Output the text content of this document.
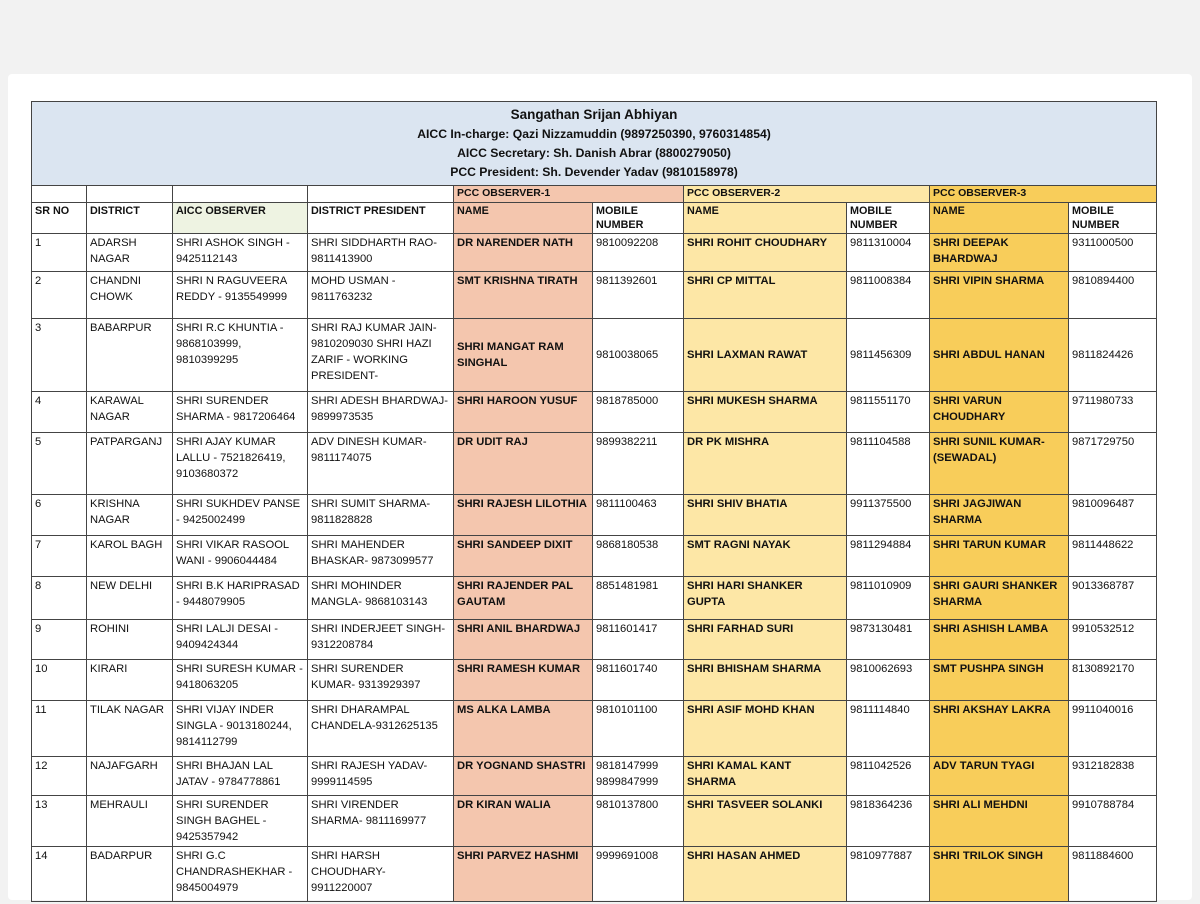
Sangathan Srijan Abhiyan
AICC In-charge: Qazi Nizzamuddin (9897250390, 9760314854)
AICC Secretary: Sh. Danish Abrar (8800279050)
PCC President: Sh. Devender Yadav (9810158978)									

				PCC OBSERVER-1		PCC OBSERVER-2		PCC OBSERVER-3	
SR NO	DISTRICT	AICC OBSERVER	DISTRICT PRESIDENT	NAME	MOBILE NUMBER	NAME	MOBILE NUMBER	NAME	MOBILE NUMBER
1	ADARSH NAGAR	SHRI ASHOK SINGH - 9425112143	SHRI SIDDHARTH RAO- 9811413900	DR NARENDER NATH	9810092208	SHRI ROHIT CHOUDHARY	9811310004	SHRI DEEPAK BHARDWAJ	9311000500
2	CHANDNI CHOWK	SHRI N RAGUVEERA REDDY - 9135549999	MOHD USMAN - 9811763232	SMT KRISHNA TIRATH	9811392601	SHRI CP MITTAL	9811008384	SHRI VIPIN SHARMA	9810894400
3	BABARPUR	SHRI R.C KHUNTIA - 9868103999, 9810399295	SHRI RAJ KUMAR JAIN- 9810209030 SHRI HAZI ZARIF - WORKING PRESIDENT-	SHRI MANGAT RAM SINGHAL	9810038065	SHRI LAXMAN RAWAT	9811456309	SHRI ABDUL HANAN	9811824426
4	KARAWAL NAGAR	SHRI SURENDER SHARMA - 9817206464	SHRI ADESH BHARDWAJ- 9899973535	SHRI HAROON YUSUF	9818785000	SHRI MUKESH SHARMA	9811551170	SHRI VARUN CHOUDHARY	9711980733
5	PATPARGANJ	SHRI AJAY KUMAR LALLU - 7521826419, 9103680372	ADV DINESH KUMAR- 9811174075	DR UDIT RAJ	9899382211	DR PK MISHRA	9811104588	SHRI SUNIL KUMAR- (SEWADAL)	9871729750
6	KRISHNA NAGAR	SHRI SUKHDEV PANSE - 9425002499	SHRI SUMIT SHARMA- 9811828828	SHRI RAJESH LILOTHIA	9811100463	SHRI SHIV BHATIA	9911375500	SHRI JAGJIWAN SHARMA	9810096487
7	KAROL BAGH	SHRI VIKAR RASOOL WANI - 9906044484	SHRI MAHENDER BHASKAR- 9873099577	SHRI SANDEEP DIXIT	9868180538	SMT RAGNI NAYAK	9811294884	SHRI TARUN KUMAR	9811448622
8	NEW DELHI	SHRI B.K HARIPRASAD - 9448079905	SHRI MOHINDER MANGLA- 9868103143	SHRI RAJENDER PAL GAUTAM	8851481981	SHRI HARI SHANKER GUPTA	9811010909	SHRI GAURI SHANKER SHARMA	9013368787
9	ROHINI	SHRI LALJI DESAI - 9409424344	SHRI INDERJEET SINGH- 9312208784	SHRI ANIL BHARDWAJ	9811601417	SHRI FARHAD SURI	9873130481	SHRI ASHISH LAMBA	9910532512
10	KIRARI	SHRI SURESH KUMAR - 9418063205	SHRI SURENDER KUMAR- 9313929397	SHRI RAMESH KUMAR	9811601740	SHRI BHISHAM SHARMA	9810062693	SMT PUSHPA SINGH	8130892170
11	TILAK NAGAR	SHRI VIJAY INDER SINGLA - 9013180244, 9814112799	SHRI DHARAMPAL CHANDELA-9312625135	MS ALKA LAMBA	9810101100	SHRI ASIF MOHD KHAN	9811114840	SHRI AKSHAY LAKRA	9911040016
12	NAJAFGARH	SHRI BHAJAN LAL JATAV - 9784778861	SHRI RAJESH YADAV- 9999114595	DR YOGNAND SHASTRI	9818147999 9899847999	SHRI KAMAL KANT SHARMA	9811042526	ADV TARUN TYAGI	9312182838
13	MEHRAULI	SHRI SURENDER SINGH BAGHEL - 9425357942	SHRI VIRENDER SHARMA- 9811169977	DR KIRAN WALIA	9810137800	SHRI TASVEER SOLANKI	9818364236	SHRI ALI MEHDNI	9910788784
14	BADARPUR	SHRI G.C CHANDRASHEKHAR - 9845004979	SHRI HARSH CHOUDHARY- 9911220007	SHRI PARVEZ HASHMI	9999691008	SHRI HASAN AHMED	9810977887	SHRI TRILOK SINGH	9811884600
